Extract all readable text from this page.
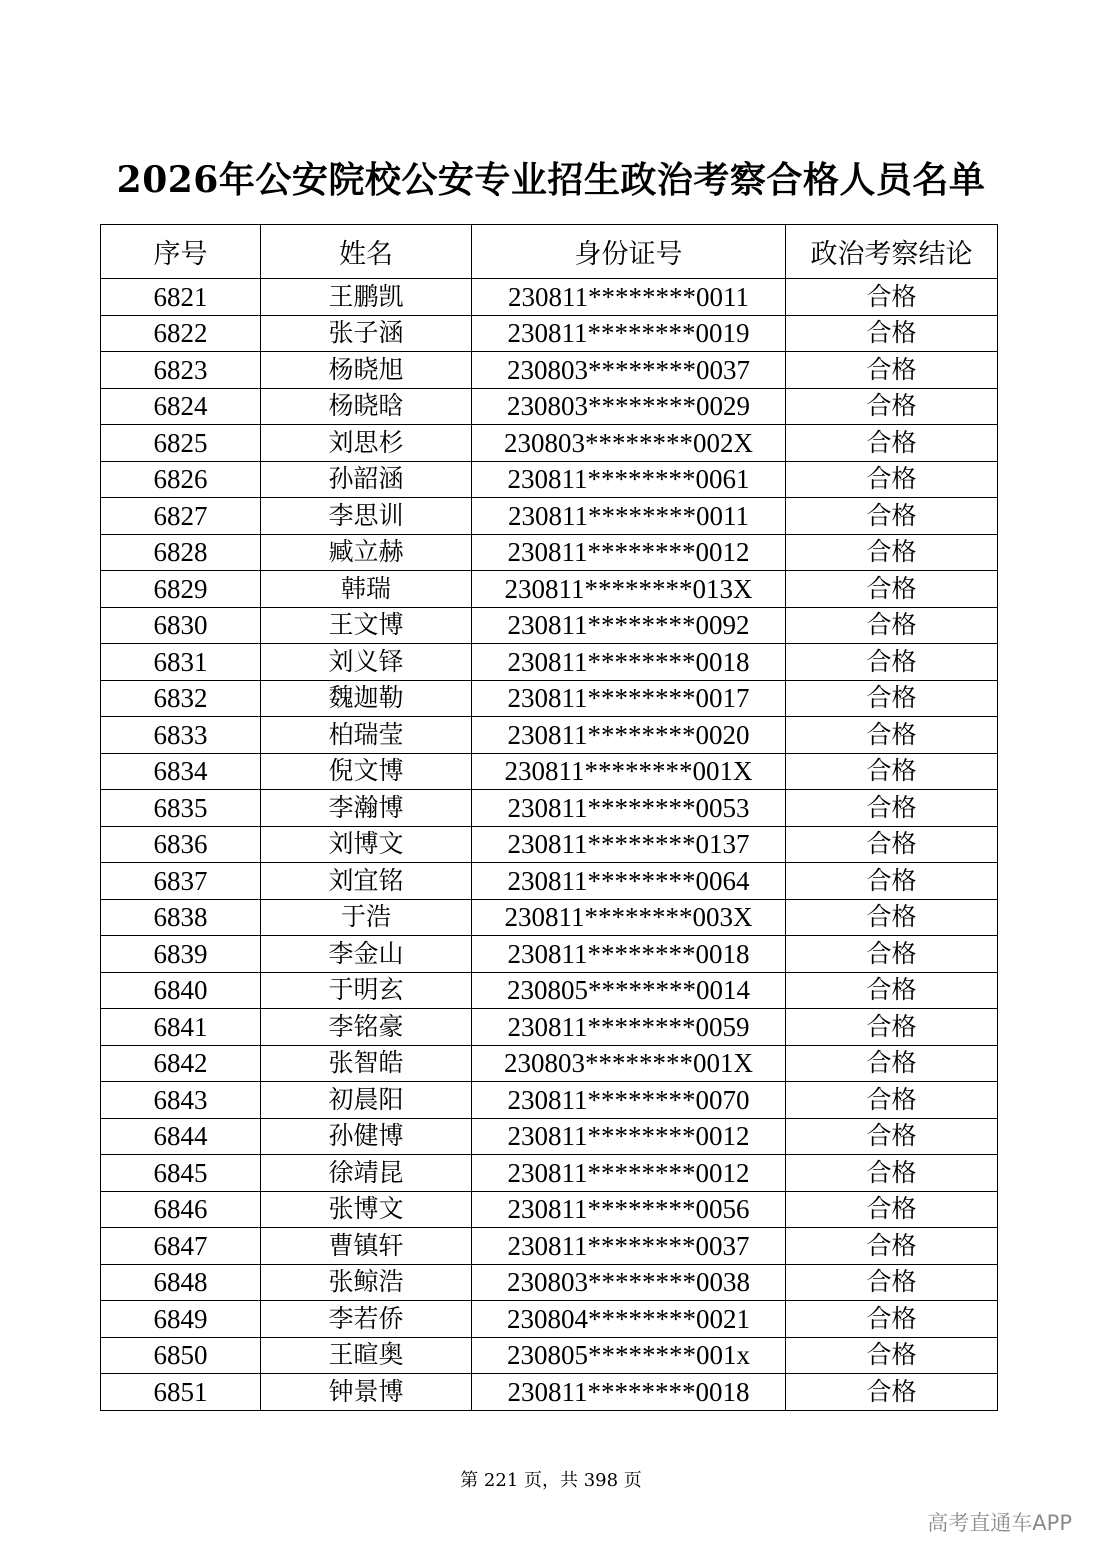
2026年公安院校公安专业招生政治考察合格人员名单
序号	姓名	身份证号	政治考察结论
6821	王鹏凯	230811********0011	合格
6822	张子涵	230811********0019	合格
6823	杨晓旭	230803********0037	合格
6824	杨晓晗	230803********0029	合格
6825	刘思杉	230803********002X	合格
6826	孙韶涵	230811********0061	合格
6827	李思训	230811********0011	合格
6828	臧立赫	230811********0012	合格
6829	韩瑞	230811********013X	合格
6830	王文博	230811********0092	合格
6831	刘义铎	230811********0018	合格
6832	魏迦勒	230811********0017	合格
6833	柏瑞莹	230811********0020	合格
6834	倪文博	230811********001X	合格
6835	李瀚博	230811********0053	合格
6836	刘博文	230811********0137	合格
6837	刘宜铭	230811********0064	合格
6838	于浩	230811********003X	合格
6839	李金山	230811********0018	合格
6840	于明玄	230805********0014	合格
6841	李铭豪	230811********0059	合格
6842	张智皓	230803********001X	合格
6843	初晨阳	230811********0070	合格
6844	孙健博	230811********0012	合格
6845	徐靖昆	230811********0012	合格
6846	张博文	230811********0056	合格
6847	曹镇轩	230811********0037	合格
6848	张鲸浩	230803********0038	合格
6849	李若侨	230804********0021	合格
6850	王暄奥	230805********001x	合格
6851	钟景博	230811********0018	合格
第 221 页，共 398 页
高考直通车APP
